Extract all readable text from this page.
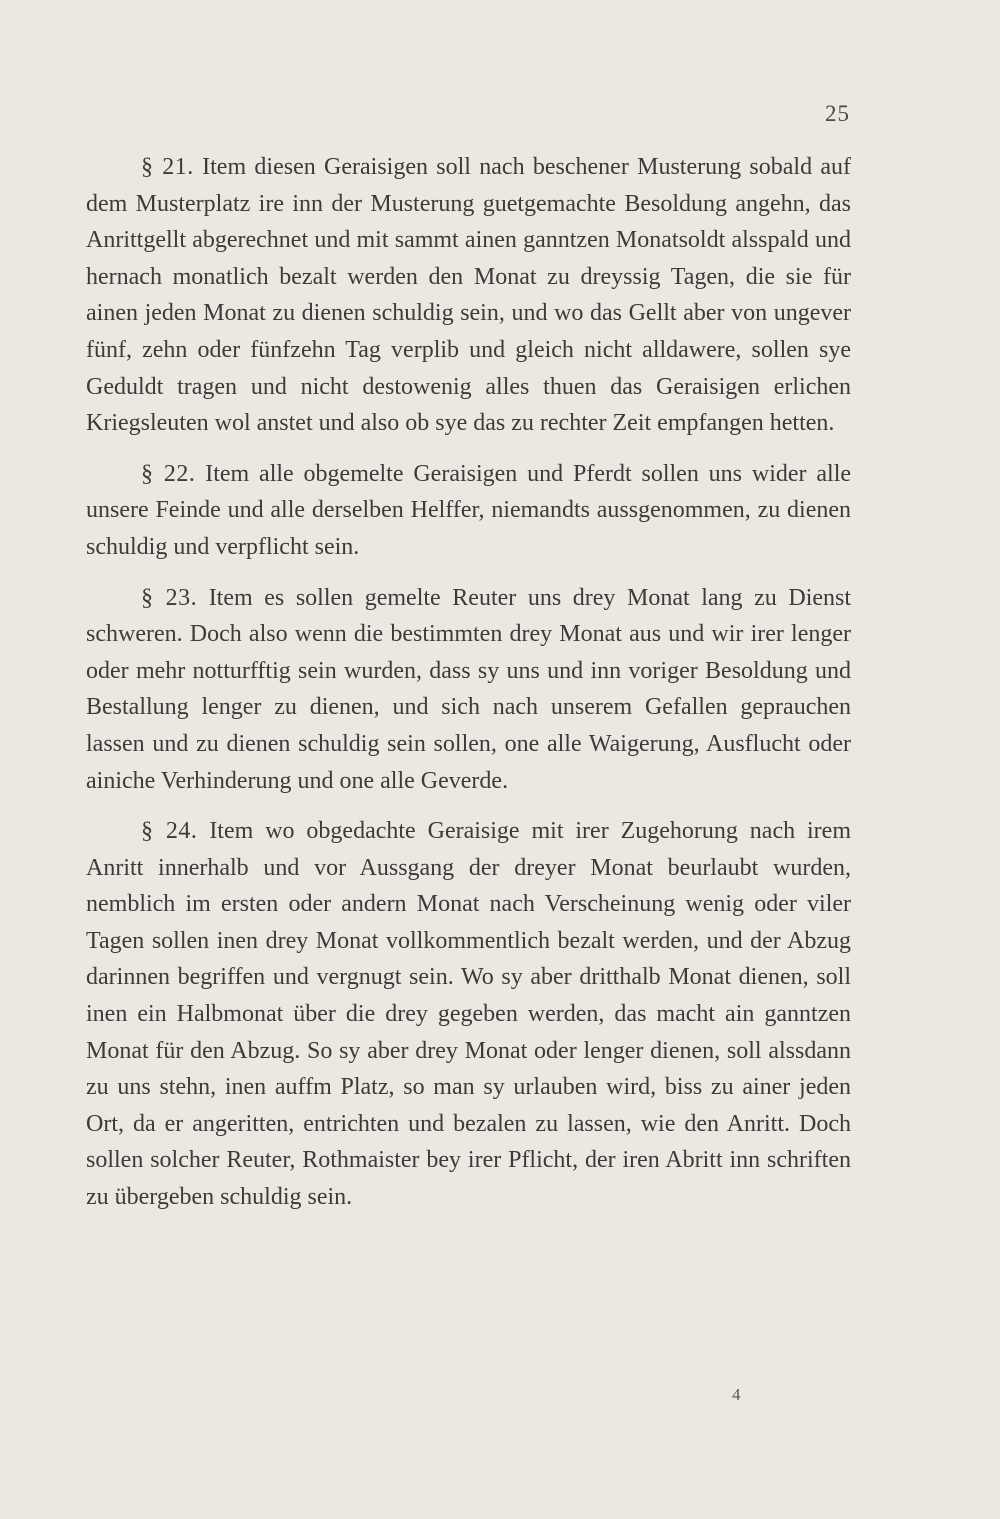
25

§ 21. Item diesen Geraisigen soll nach beschener Musterung sobald auf dem Musterplatz ire inn der Musterung guetgemachte Besoldung angehn, das Anrittgellt abgerechnet und mit sammt ainen ganntzen Monatsoldt alsspald und hernach monatlich bezalt werden den Monat zu dreyssig Tagen, die sie für ainen jeden Monat zu dienen schuldig sein, und wo das Gellt aber von ungever fünf, zehn oder fünfzehn Tag verplib und gleich nicht alldawere, sollen sye Geduldt tragen und nicht destowenig alles thuen das Geraisigen erlichen Kriegsleuten wol anstet und also ob sye das zu rechter Zeit empfangen hetten.

§ 22. Item alle obgemelte Geraisigen und Pferdt sollen uns wider alle unsere Feinde und alle derselben Helffer, niemandts aussgenommen, zu dienen schuldig und verpflicht sein.

§ 23. Item es sollen gemelte Reuter uns drey Monat lang zu Dienst schweren. Doch also wenn die bestimmten drey Monat aus und wir irer lenger oder mehr notturfftig sein wurden, dass sy uns und inn voriger Besoldung und Bestallung lenger zu dienen, und sich nach unserem Gefallen geprauchen lassen und zu dienen schuldig sein sollen, one alle Waigerung, Ausflucht oder ainiche Verhinderung und one alle Geverde.

§ 24. Item wo obgedachte Geraisige mit irer Zugehorung nach irem Anritt innerhalb und vor Aussgang der dreyer Monat beurlaubt wurden, nemblich im ersten oder andern Monat nach Verscheinung wenig oder viler Tagen sollen inen drey Monat vollkommentlich bezalt werden, und der Abzug darinnen begriffen und vergnugt sein. Wo sy aber dritthalb Monat dienen, soll inen ein Halbmonat über die drey gegeben werden, das macht ain ganntzen Monat für den Abzug. So sy aber drey Monat oder lenger dienen, soll alssdann zu uns stehn, inen auffm Platz, so man sy urlauben wird, biss zu ainer jeden Ort, da er angeritten, entrichten und bezalen zu lassen, wie den Anritt. Doch sollen solcher Reuter, Rothmaister bey irer Pflicht, der iren Abritt inn schriften zu übergeben schuldig sein.

4
